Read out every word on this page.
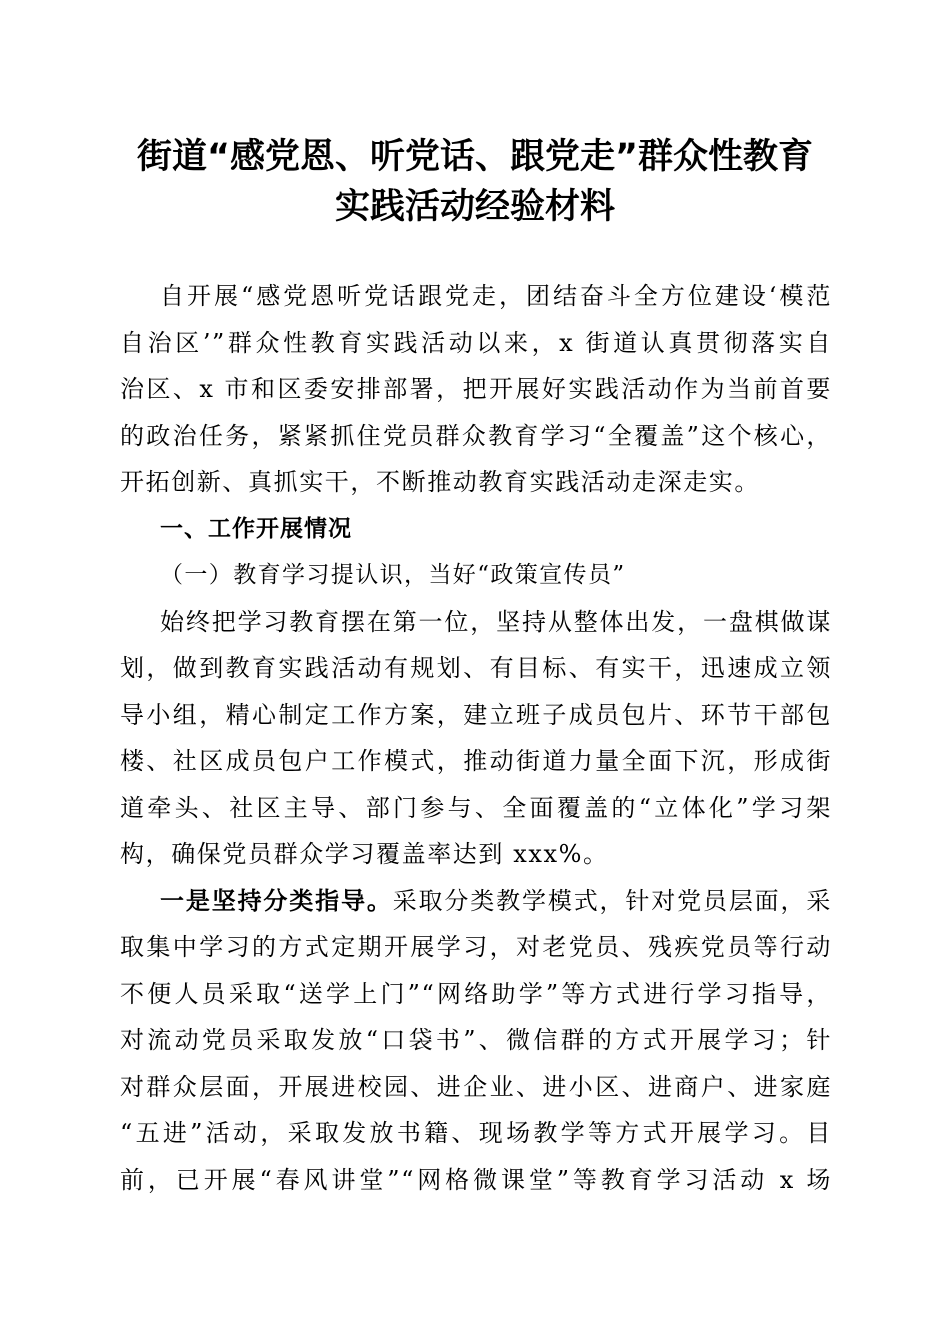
街道“感党恩、听党话、跟党走”群众性教育
实践活动经验材料
自开展“感党恩听党话跟党走，团结奋斗全方位建设‘模范
自治区’”群众性教育实践活动以来，x 街道认真贯彻落实自
治区、x 市和区委安排部署，把开展好实践活动作为当前首要
的政治任务，紧紧抓住党员群众教育学习“全覆盖”这个核心，
开拓创新、真抓实干，不断推动教育实践活动走深走实。
一、工作开展情况
（一）教育学习提认识，当好“政策宣传员”
始终把学习教育摆在第一位，坚持从整体出发，一盘棋做谋
划，做到教育实践活动有规划、有目标、有实干，迅速成立领
导小组，精心制定工作方案，建立班子成员包片、环节干部包
楼、社区成员包户工作模式，推动街道力量全面下沉，形成街
道牵头、社区主导、部门参与、全面覆盖的“立体化”学习架
构，确保党员群众学习覆盖率达到 xxx%。
一是坚持分类指导。采取分类教学模式，针对党员层面，采
取集中学习的方式定期开展学习，对老党员、残疾党员等行动
不便人员采取“送学上门”“网络助学”等方式进行学习指导，
对流动党员采取发放“口袋书”、微信群的方式开展学习；针
对群众层面，开展进校园、进企业、进小区、进商户、进家庭
“五进”活动，采取发放书籍、现场教学等方式开展学习。目
前，已开展“春风讲堂”“网格微课堂”等教育学习活动 x 场
